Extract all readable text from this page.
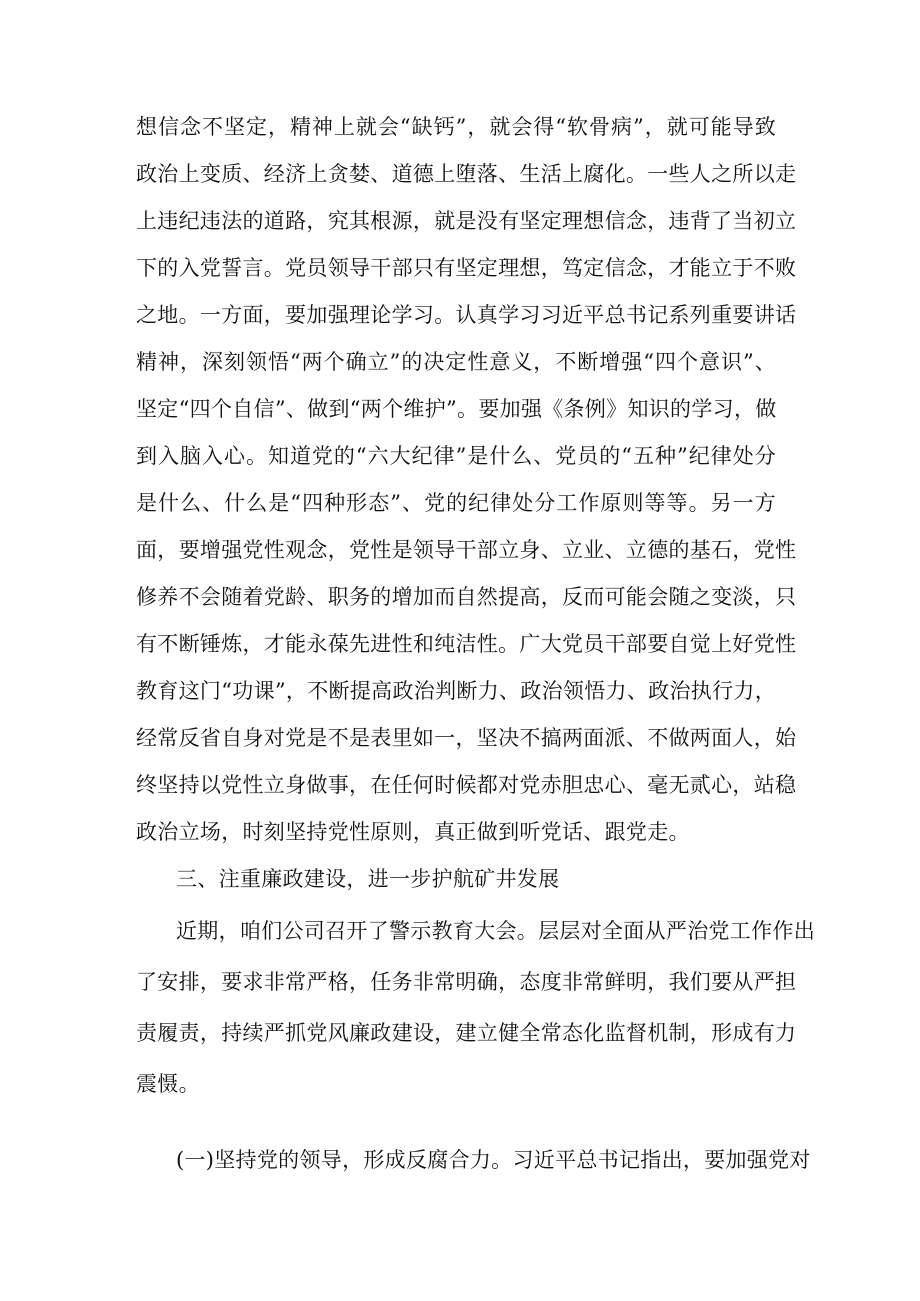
想信念不坚定，精神上就会“缺钙”，就会得“软骨病”，就可能导致
政治上变质、经济上贪婪、道德上堕落、生活上腐化。一些人之所以走
上违纪违法的道路，究其根源，就是没有坚定理想信念，违背了当初立
下的入党誓言。党员领导干部只有坚定理想，笃定信念，才能立于不败
之地。一方面，要加强理论学习。认真学习习近平总书记系列重要讲话
精神，深刻领悟“两个确立”的决定性意义，不断增强“四个意识”、
坚定“四个自信”、做到“两个维护”。要加强《条例》知识的学习，做
到入脑入心。知道党的“六大纪律”是什么、党员的“五种”纪律处分
是什么、什么是“四种形态”、党的纪律处分工作原则等等。另一方
面，要增强党性观念，党性是领导干部立身、立业、立德的基石，党性
修养不会随着党龄、职务的增加而自然提高，反而可能会随之变淡，只
有不断锤炼，才能永葆先进性和纯洁性。广大党员干部要自觉上好党性
教育这门“功课”，不断提高政治判断力、政治领悟力、政治执行力，
经常反省自身对党是不是表里如一，坚决不搞两面派、不做两面人，始
终坚持以党性立身做事，在任何时候都对党赤胆忠心、毫无贰心，站稳
政治立场，时刻坚持党性原则，真正做到听党话、跟党走。
三、注重廉政建设，进一步护航矿井发展
近期，咱们公司召开了警示教育大会。层层对全面从严治党工作作出
了安排，要求非常严格，任务非常明确，态度非常鲜明，我们要从严担
责履责，持续严抓党风廉政建设，建立健全常态化监督机制，形成有力
震慑。
(一)坚持党的领导，形成反腐合力。习近平总书记指出，要加强党对
